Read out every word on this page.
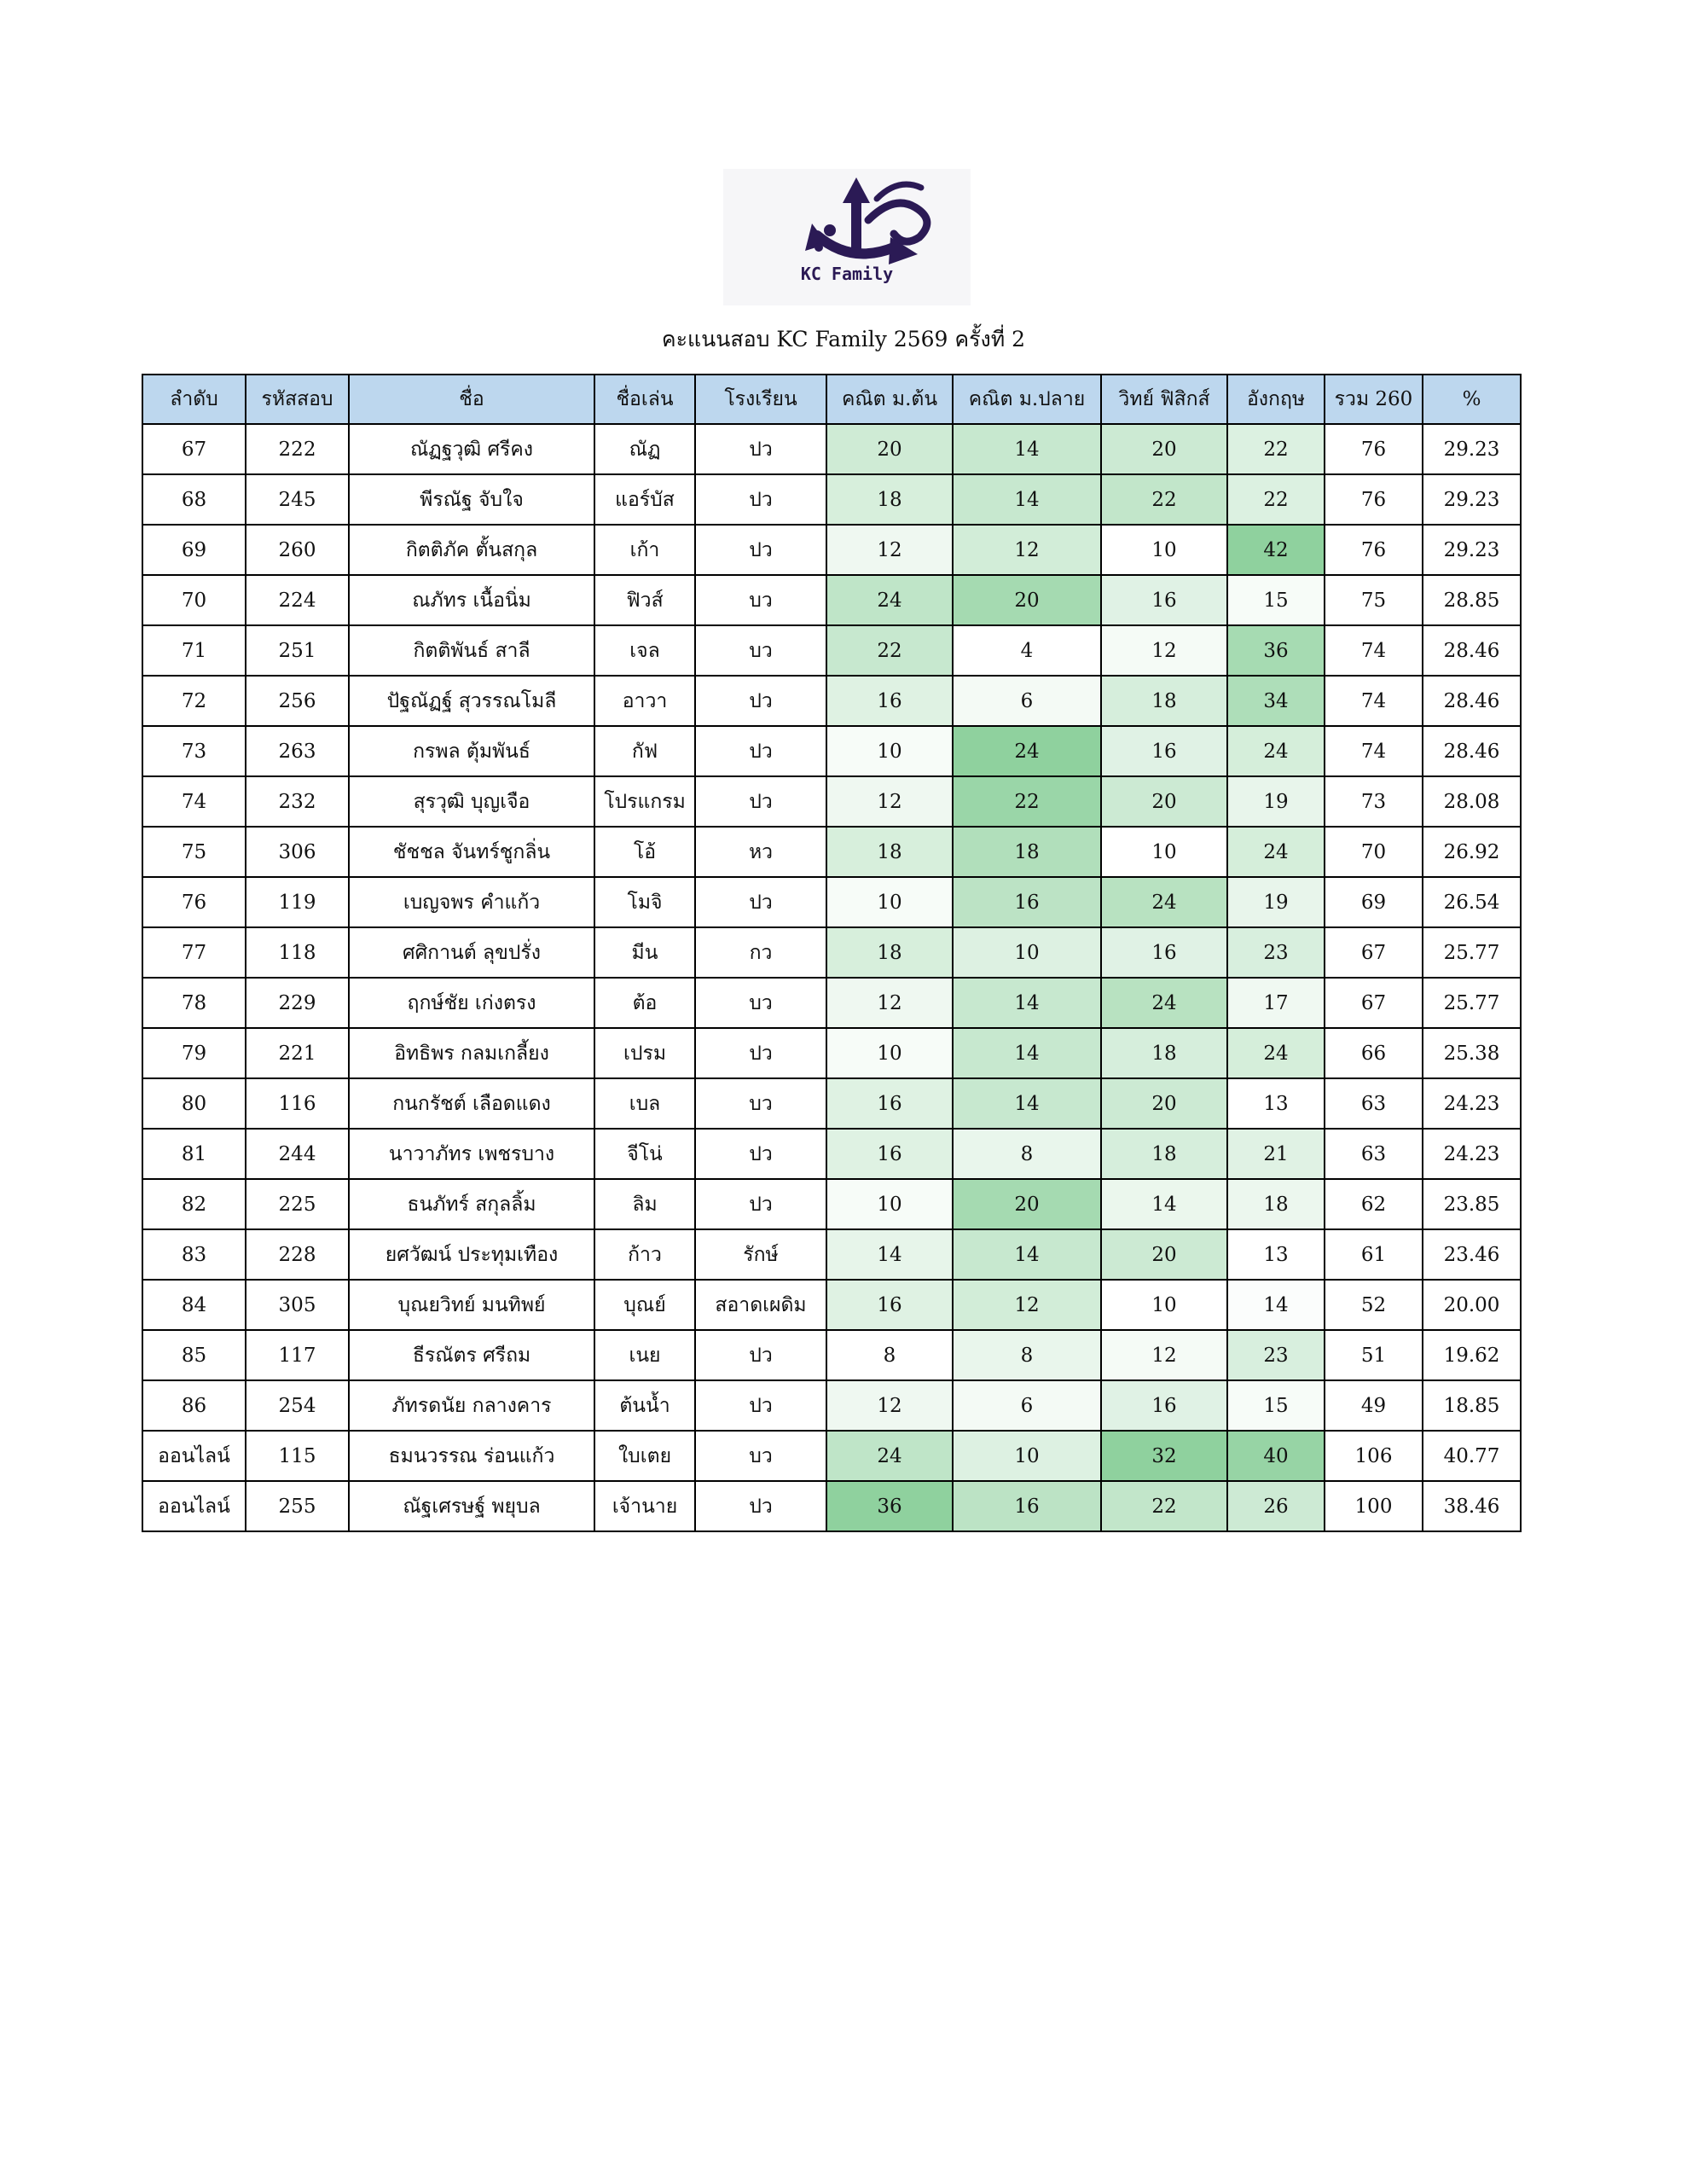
KC Family
คะแนนสอบ KC Family 2569 ครั้งที่ 2
ลำดับ	รหัสสอบ	ชื่อ	ชื่อเล่น	โรงเรียน	คณิต ม.ต้น	คณิต ม.ปลาย	วิทย์ ฟิสิกส์	อังกฤษ	รวม 260	%
67	222	ณัฏฐวุฒิ ศรีคง	ณัฏ	ปว	20	14	20	22	76	29.23
68	245	พีรณัฐ จับใจ	แอร์บัส	ปว	18	14	22	22	76	29.23
69	260	กิตติภัค ตั้นสกุล	เก้า	ปว	12	12	10	42	76	29.23
70	224	ณภัทร เนื้อนิ่ม	ฟิวส์	บว	24	20	16	15	75	28.85
71	251	กิตติพันธ์ สาลี	เจล	บว	22	4	12	36	74	28.46
72	256	ปัฐณัฏฐ์ สุวรรณโมลี	อาวา	ปว	16	6	18	34	74	28.46
73	263	กรพล ตุ้มพันธ์	กัฟ	ปว	10	24	16	24	74	28.46
74	232	สุรวุฒิ บุญเจือ	โปรแกรม	ปว	12	22	20	19	73	28.08
75	306	ชัชชล จันทร์ชูกลิ่น	โอ้	หว	18	18	10	24	70	26.92
76	119	เบญจพร คำแก้ว	โมจิ	ปว	10	16	24	19	69	26.54
77	118	ศศิกานต์ ลุขปรั่ง	มีน	กว	18	10	16	23	67	25.77
78	229	ฤกษ์ชัย เก่งตรง	ต้อ	บว	12	14	24	17	67	25.77
79	221	อิทธิพร กลมเกลี้ยง	เปรม	ปว	10	14	18	24	66	25.38
80	116	กนกรัชต์ เลือดแดง	เบล	บว	16	14	20	13	63	24.23
81	244	นาวาภัทร เพชรบาง	จีโน่	ปว	16	8	18	21	63	24.23
82	225	ธนภัทร์ สกุลลิ้ม	ลิม	ปว	10	20	14	18	62	23.85
83	228	ยศวัฒน์ ประทุมเทือง	ก้าว	รักษ์	14	14	20	13	61	23.46
84	305	บุณยวิทย์ มนทิพย์	บุณย์	สอาดเผดิม	16	12	10	14	52	20.00
85	117	ธีรณัตร ศรีถม	เนย	ปว	8	8	12	23	51	19.62
86	254	ภัทรดนัย กลางคาร	ต้นน้ำ	ปว	12	6	16	15	49	18.85
ออนไลน์	115	ธมนวรรณ ร่อนแก้ว	ใบเตย	บว	24	10	32	40	106	40.77
ออนไลน์	255	ณัฐเศรษฐ์ พยุบล	เจ้านาย	ปว	36	16	22	26	100	38.46
